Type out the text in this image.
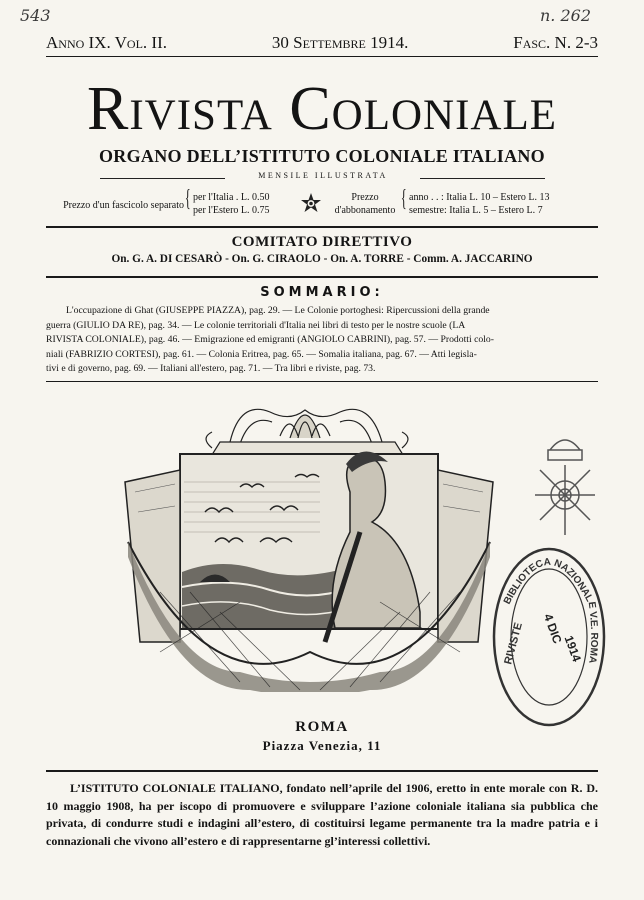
543	n. 262
Anno IX. Vol. II.	30 Settembre 1914.	Fasc. N. 2-3
Rivista Coloniale
ORGANO DELL’ISTITUTO COLONIALE ITALIANO
MENSILE ILLUSTRATA
Prezzo d'un fascicolo separato { per l'Italia . L. 0.50
per l'Estero L. 0.75
Prezzo
d'abbonamento { anno . . : Italia L. 10 – Estero L. 13
semestre: Italia L. 5 – Estero L. 7
COMITATO DIRETTIVO
On. G. A. DI CESARÒ - On. G. CIRAOLO - On. A. TORRE - Comm. A. JACCARINO
SOMMARIO:
L'occupazione di Ghat (GIUSEPPE PIAZZA), pag. 29. — Le Colonie portoghesi: Ripercussioni della grande
guerra (GIULIO DA RE), pag. 34. — Le colonie territoriali d'Italia nei libri di testo per le nostre scuole (LA
RIVISTA COLONIALE), pag. 46. — Emigrazione ed emigranti (ANGIOLO CABRINI), pag. 57. — Prodotti colo-
niali (FABRIZIO CORTESI), pag. 61. — Colonia Eritrea, pag. 65. — Somalia italiana, pag. 67. — Atti legisla-
tivi e di governo, pag. 69. — Italiani all'estero, pag. 71. — Tra libri e riviste, pag. 73.
BIBLIOTECA NAZIONALE V.E. ROMA
RIVISTE 4 DIC
1914
ROMA
Piazza Venezia, 11
L’ISTITUTO COLONIALE ITALIANO, fondato nell’aprile del 1906, eretto in ente morale con R. D. 10 maggio 1908, ha per iscopo di promuovere e sviluppare l’azione coloniale italiana sia pubblica che privata, di condurre studi e indagini all’estero, di costituirsi legame permanente tra la madre patria e i connazionali che vivono all’estero e di rappresentarne gl’interessi collettivi.
